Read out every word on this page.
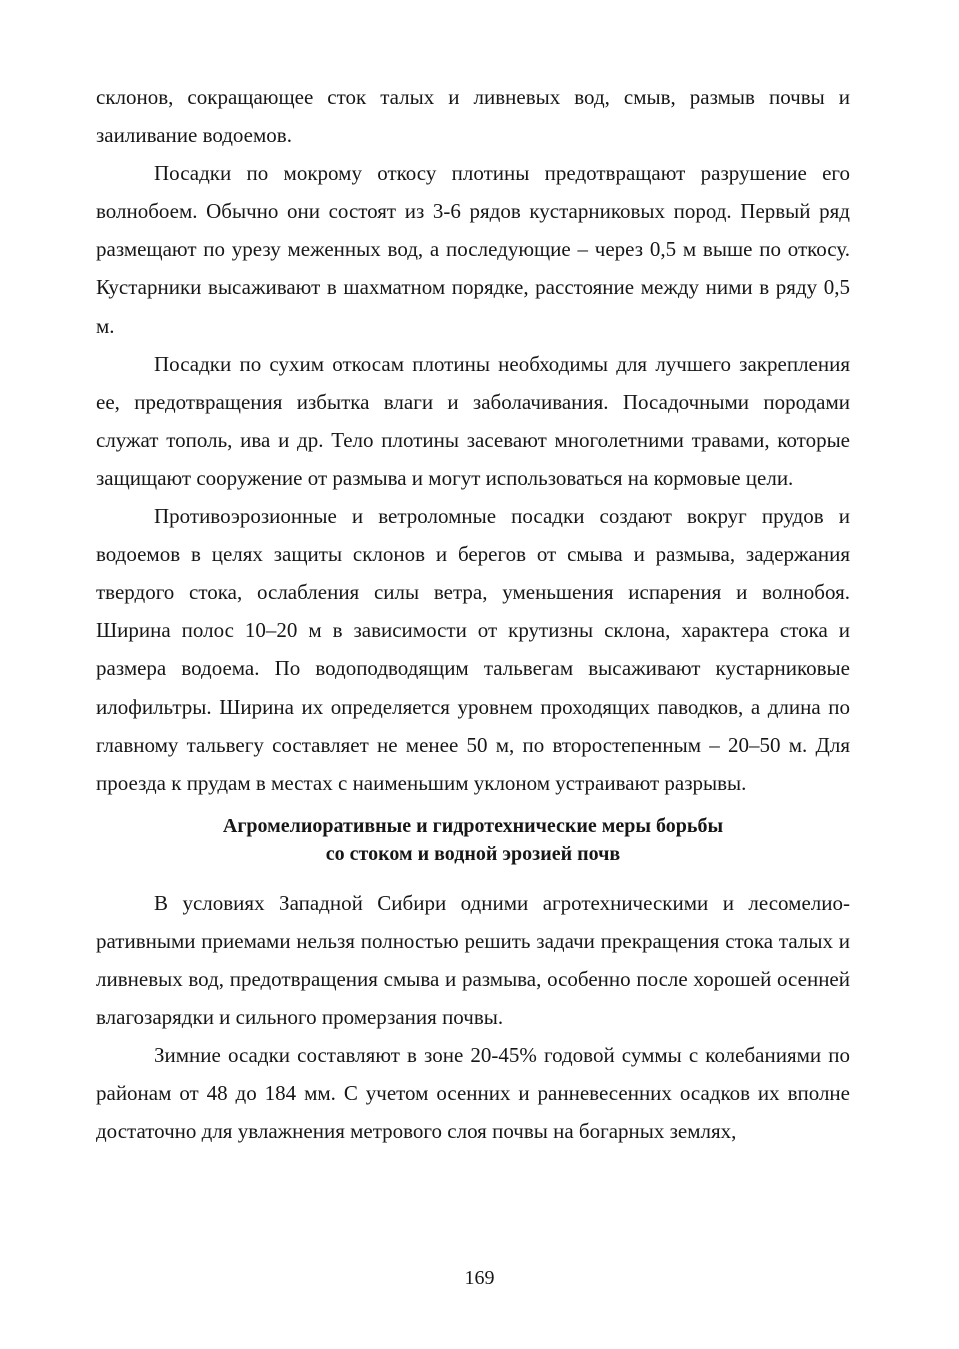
склонов, сокращающее сток талых и ливневых вод, смыв, размыв почвы и заиливание водоемов.

Посадки по мокрому откосу плотины предотвращают разрушение его волнобоем. Обычно они состоят из 3-6 рядов кустарниковых пород. Первый ряд размещают по урезу меженных вод, а последующие – через 0,5 м выше по откосу. Кустарники высаживают в шахматном порядке, расстояние между ними в ряду 0,5 м.

Посадки по сухим откосам плотины необходимы для лучшего закрепления ее, предотвращения избытка влаги и заболачивания. Посадочными породами служат тополь, ива и др. Тело плотины засевают многолетними травами, которые защищают сооружение от размыва и могут использоваться на кормовые цели.

Противоэрозионные и ветроломные посадки создают вокруг прудов и водоемов в целях защиты склонов и берегов от смыва и размыва, задержания твердого стока, ослабления силы ветра, уменьшения испарения и волнобоя. Ширина полос 10–20 м в зависимости от крутизны склона, характера стока и размера водоема. По водоподводящим тальвегам высаживают кустарниковые илофильтры. Ширина их определяется уровнем проходящих паводков, а длина по главному тальвегу составляет не менее 50 м, по второстепенным – 20–50 м. Для проезда к прудам в местах с наименьшим уклоном устраивают разрывы.

Агромелиоративные и гидротехнические меры борьбы
со стоком и водной эрозией почв

В условиях Западной Сибири одними агротехническими и лесомелиоративными приемами нельзя полностью решить задачи прекращения стока талых и ливневых вод, предотвращения смыва и размыва, особенно после хорошей осенней влагозарядки и сильного промерзания почвы.

Зимние осадки составляют в зоне 20-45% годовой суммы с колебаниями по районам от 48 до 184 мм. С учетом осенних и ранневесенних осадков их вполне достаточно для увлажнения метрового слоя почвы на богарных землях,

169
